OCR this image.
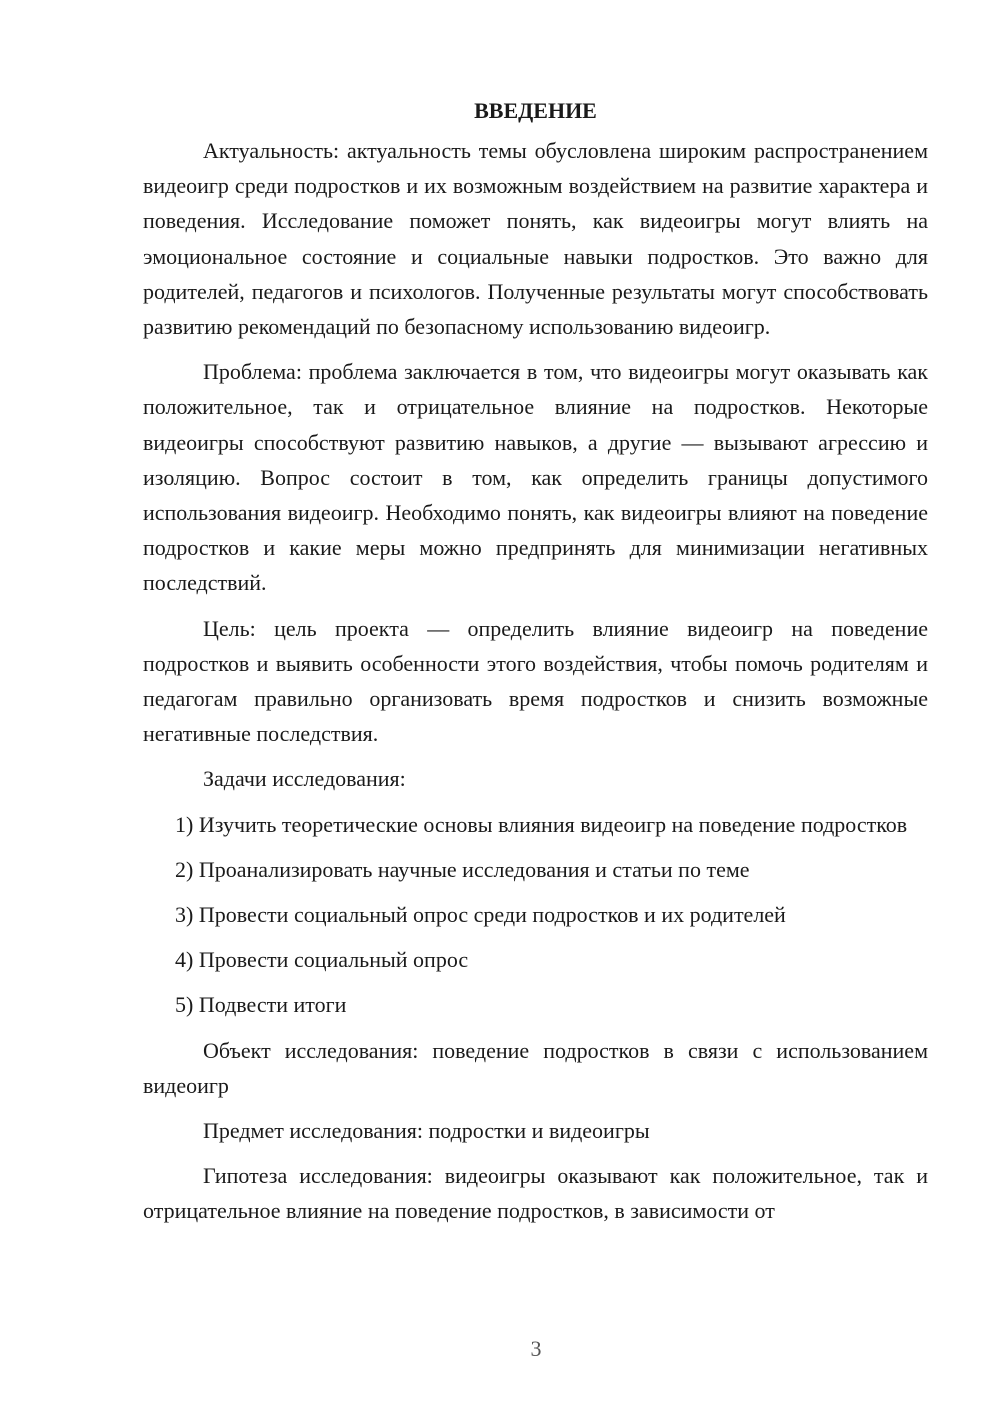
ВВЕДЕНИЕ

Актуальность: актуальность темы обусловлена широким распространением видеоигр среди подростков и их возможным воздействием на развитие характера и поведения. Исследование поможет понять, как видеоигры могут влиять на эмоциональное состояние и социальные навыки подростков. Это важно для родителей, педагогов и психологов. Полученные результаты могут способствовать развитию рекомендаций по безопасному использованию видеоигр.

Проблема: проблема заключается в том, что видеоигры могут оказывать как положительное, так и отрицательное влияние на подростков. Некоторые видеоигры способствуют развитию навыков, а другие — вызывают агрессию и изоляцию. Вопрос состоит в том, как определить границы допустимого использования видеоигр. Необходимо понять, как видеоигры влияют на поведение подростков и какие меры можно предпринять для минимизации негативных последствий.

Цель: цель проекта — определить влияние видеоигр на поведение подростков и выявить особенности этого воздействия, чтобы помочь родителям и педагогам правильно организовать время подростков и снизить возможные негативные последствия.

Задачи исследования:

1) Изучить теоретические основы влияния видеоигр на поведение подростков

2) Проанализировать научные исследования и статьи по теме

3) Провести социальный опрос среди подростков и их родителей

4) Провести социальный опрос

5) Подвести итоги

Объект исследования: поведение подростков в связи с использованием видеоигр

Предмет исследования: подростки и видеоигры

Гипотеза исследования: видеоигры оказывают как положительное, так и отрицательное влияние на поведение подростков, в зависимости от

3
